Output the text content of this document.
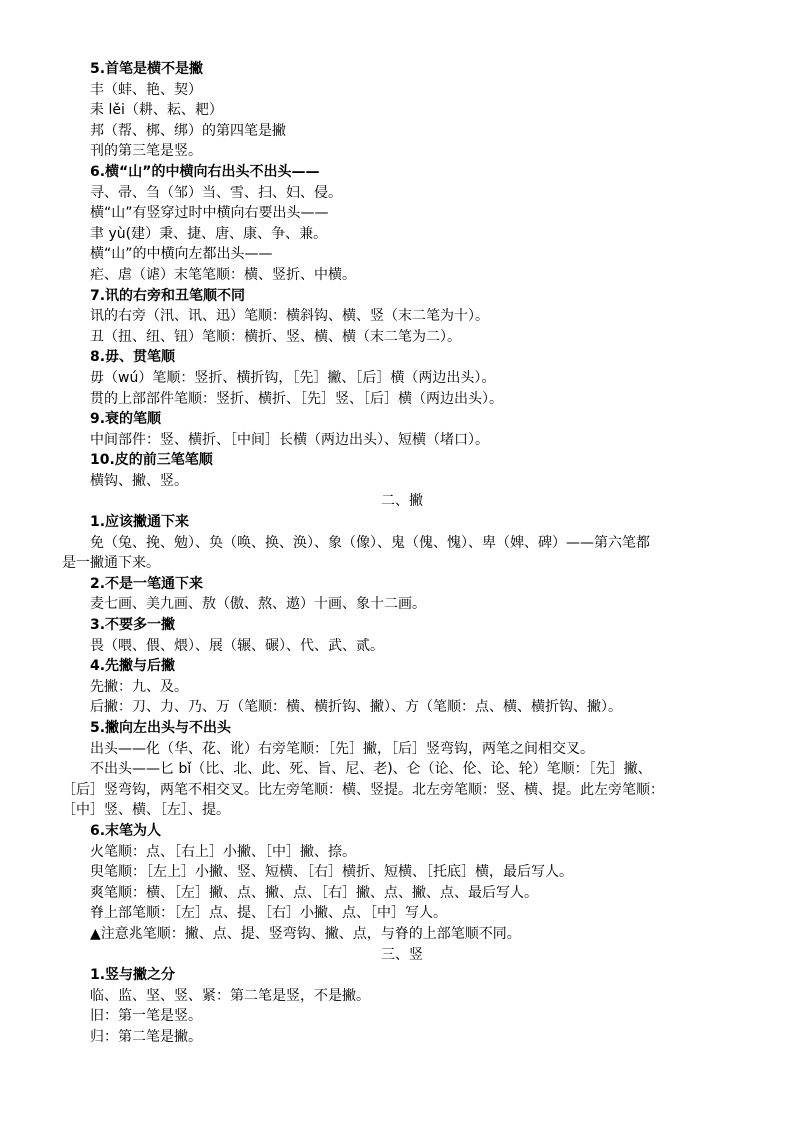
5.首笔是横不是撇
丰（蚌、艳、契）
耒 lěi（耕、耘、耙）
邦（帮、梆、绑）的第四笔是撇
刊的第三笔是竖。
6.横“山”的中横向右出头不出头——
寻、帚、刍（邹）当、雪、扫、妇、侵。
横“山”有竖穿过时中横向右要出头——
聿 yù(建）秉、捷、唐、康、争、兼。
横“山”的中横向左都出头——
疟、虐（谑）末笔笔顺：横、竖折、中横。
7.讯的右旁和丑笔顺不同
讯的右旁（汛、讯、迅）笔顺：横斜钩、横、竖（末二笔为十）。
丑（扭、纽、钮）笔顺：横折、竖、横、横（末二笔为二）。
8.毋、贯笔顺
毋（wú）笔顺：竖折、横折钩，［先］撇、［后］横（两边出头）。
贯的上部部件笔顺：竖折、横折、［先］竖、［后］横（两边出头）。
9.衰的笔顺
中间部件：竖、横折、［中间］长横（两边出头）、短横（堵口）。
10.皮的前三笔笔顺
横钩、撇、竖。
二、撇
1.应该撇通下来
免（兔、挽、勉）、奂（唤、换、涣）、象（像）、鬼（傀、愧）、卑（婢、碑）——第六笔都
是一撇通下来。
2.不是一笔通下来
麦七画、美九画、敖（傲、熬、遨）十画、象十二画。
3.不要多一撇
畏（喂、偎、煨）、展（辗、碾）、代、武、贰。
4.先撇与后撇
先撇：九、及。
后撇：刀、力、乃、万（笔顺：横、横折钩、撇）、方（笔顺：点、横、横折钩、撇）。
5.撇向左出头与不出头
出头——化（华、花、讹）右旁笔顺：［先］撇，［后］竖弯钩，两笔之间相交叉。
不出头——匕 bǐ（比、北、此、死、旨、尼、老)、仑（论、伦、论、轮）笔顺：［先］撇、
［后］竖弯钩，两笔不相交叉。比左旁笔顺：横、竖提。北左旁笔顺：竖、横、提。此左旁笔顺：
［中］竖、横、［左］、提。
6.末笔为人
火笔顺：点、［右上］小撇、［中］撇、捺。
臾笔顺：［左上］小撇、竖、短横、［右］横折、短横、［托底］横，最后写人。
爽笔顺：横、［左］撇、点、撇、点、［右］撇、点、撇、点、最后写人。
脊上部笔顺：［左］点、提、［右］小撇、点、［中］写人。
▲注意兆笔顺：撇、点、提、竖弯钩、撇、点，与脊的上部笔顺不同。
三、竖
1.竖与撇之分
临、监、坚、竖、紧：第二笔是竖，不是撇。
旧：第一笔是竖。
归：第二笔是撇。
